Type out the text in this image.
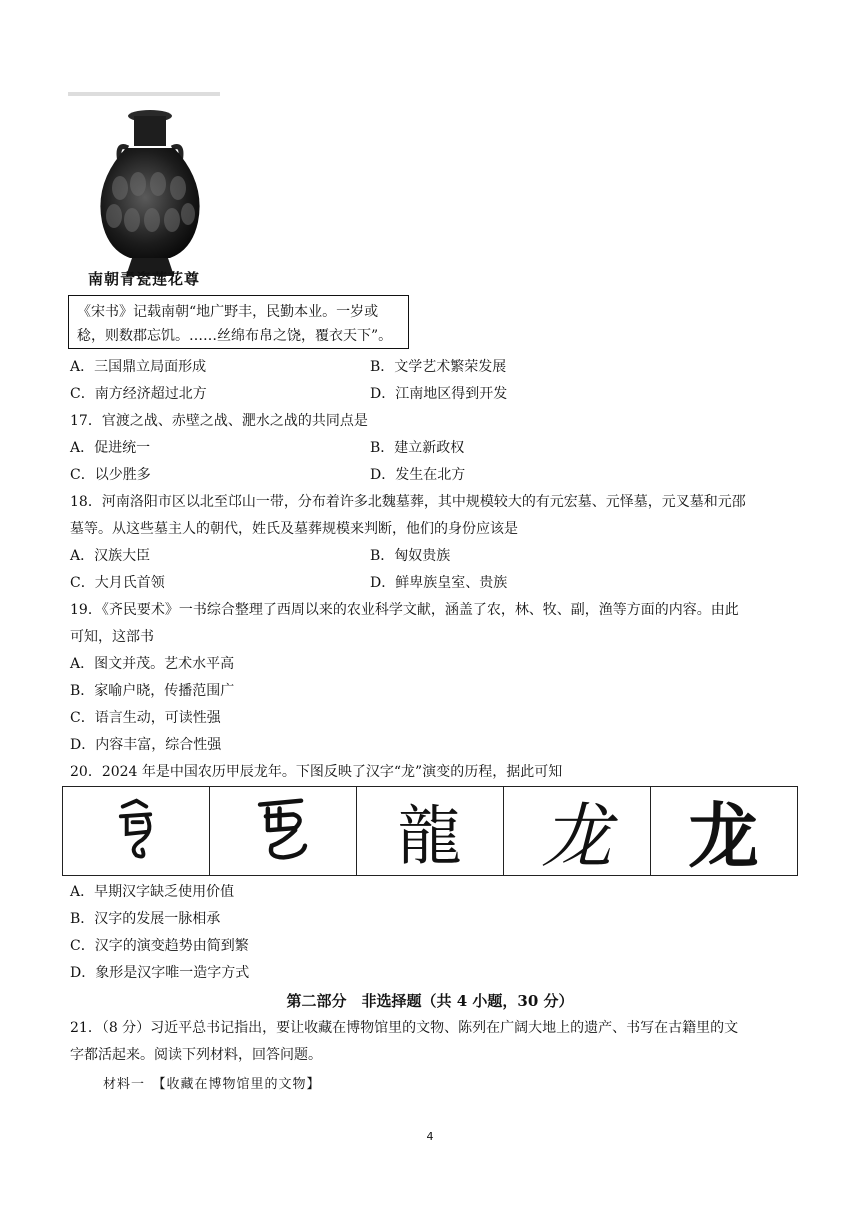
南朝青瓷莲花尊
《宋书》记载南朝“地广野丰，民勤本业。一岁或
稔，则数郡忘饥。……丝绵布帛之饶，覆衣天下”。
A．三国鼎立局面形成	B．文学艺术繁荣发展
C．南方经济超过北方	D．江南地区得到开发
17．官渡之战、赤壁之战、淝水之战的共同点是
A．促进统一	B．建立新政权
C．以少胜多	D．发生在北方
18．河南洛阳市区以北至邙山一带，分布着许多北魏墓葬，其中规模较大的有元宏墓、元怿墓，元叉墓和元邵
墓等。从这些墓主人的朝代，姓氏及墓葬规模来判断，他们的身份应该是
A．汉族大臣	B．匈奴贵族
C．大月氏首领	D．鲜卑族皇室、贵族
19．《齐民要术》一书综合整理了西周以来的农业科学文献，涵盖了农，林、牧、副，渔等方面的内容。由此
可知，这部书
A．图文并茂。艺术水平高
B．家喻户晓，传播范围广
C．语言生动，可读性强
D．内容丰富，综合性强
20．2024 年是中国农历甲辰龙年。下图反映了汉字“龙”演变的历程，据此可知
龍 龙 龙
A．早期汉字缺乏使用价值
B．汉字的发展一脉相承
C．汉字的演变趋势由简到繁
D．象形是汉字唯一造字方式
第二部分　非选择题（共 4 小题，30 分）
21．（8 分）习近平总书记指出，要让收藏在博物馆里的文物、陈列在广阔大地上的遗产、书写在古籍里的文
字都活起来。阅读下列材料，回答问题。
材料一　【收藏在博物馆里的文物】
4
